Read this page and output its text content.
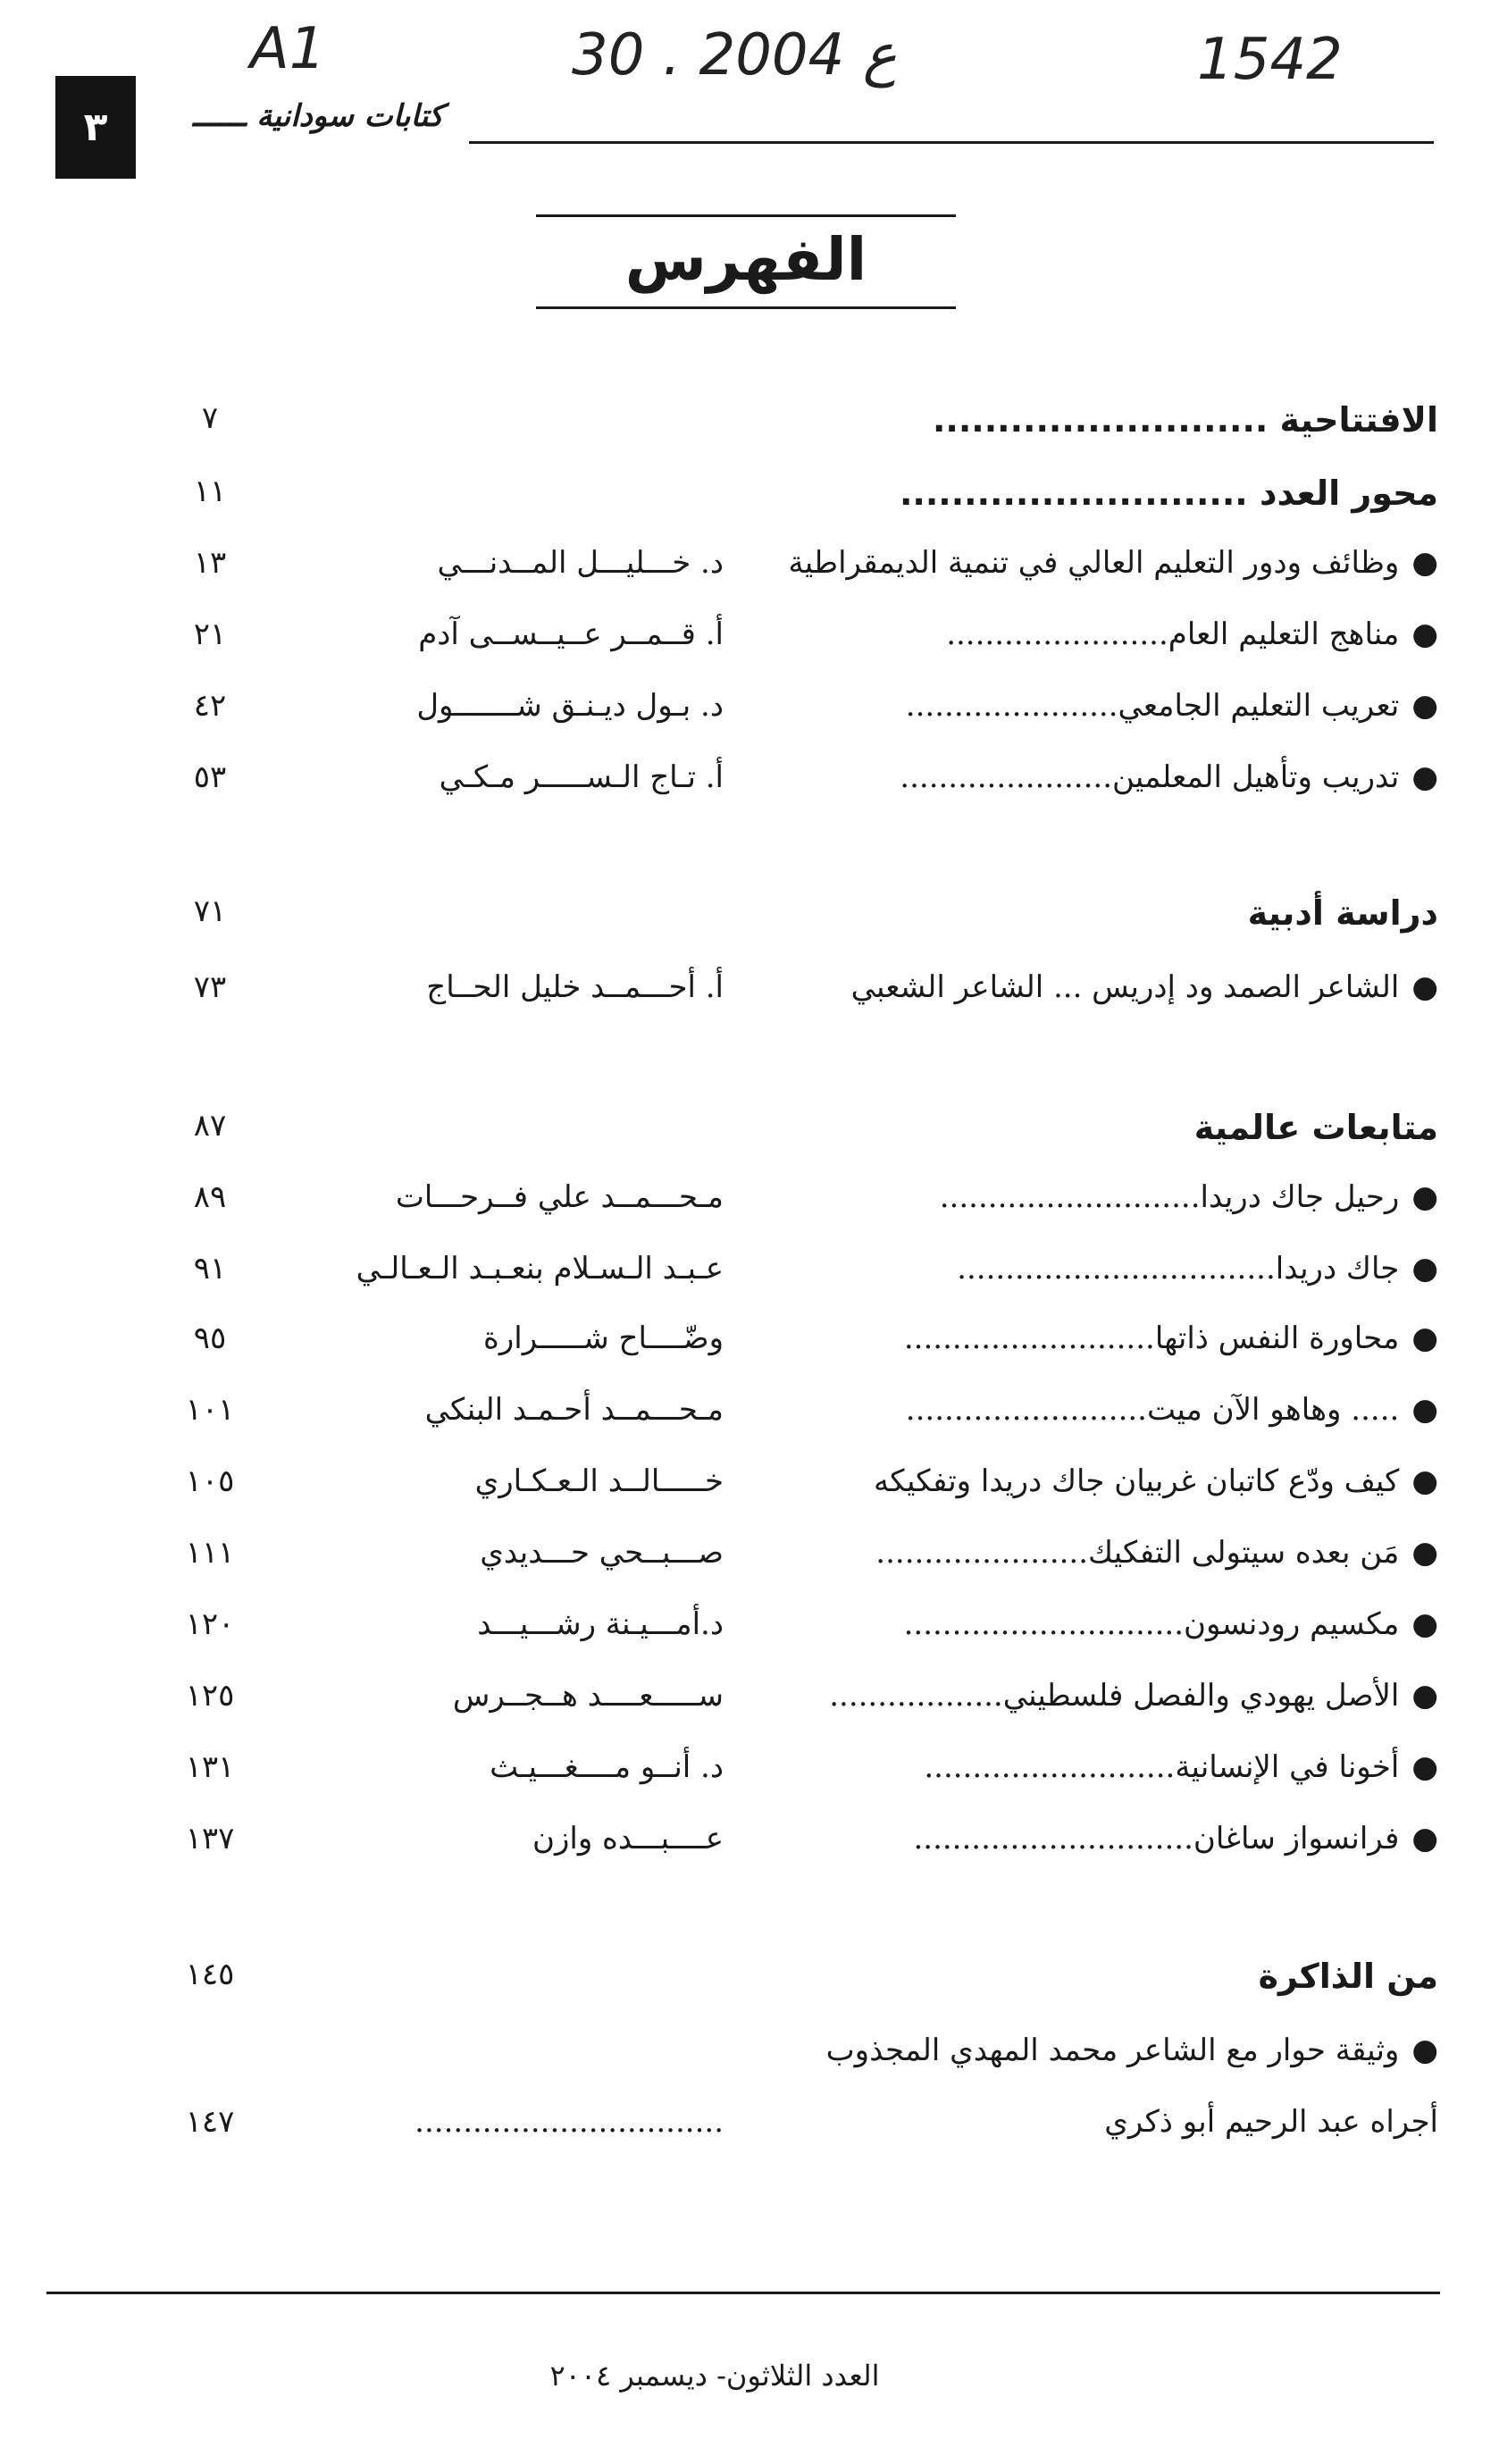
A1	30 . ع 2004	1542
٣	كتابات سودانية ــــــ
الفهرس
٧	الافتتاحية ..........................
١١	محور العدد ...........................
١٣	د. خـــليـــل المــدنـــي	●وظائف ودور التعليم العالي في تنمية الديمقراطية
٢١	أ. قــمــر عــيــســى آدم	●مناهج التعليم العام.......................
٤٢	د. بـول ديـنـق شـــــــول	●تعريب التعليم الجامعي......................
٥٣	أ. تـاج الـســـــر مـكـي	●تدريب وتأهيل المعلمين......................
٧١	دراسة أدبية
٧٣	أ. أحـــمــد خليل الحــاج	●الشاعر الصمد ود إدريس ... الشاعر الشعبي
٨٧	متابعات عالمية
٨٩	مـحـــمــد علي فــرحـــات	●رحيل جاك دريدا...........................
٩١	عـبـد الـسـلام بنعـبـد الـعـالـي	●جاك دريدا.................................
٩٥	وضّــــاح شـــــرارة	●محاورة النفس ذاتها..........................
١٠١	مـحـــمــد أحـمـد البنكي	●..... وهاهو الآن ميت.........................
١٠٥	خـــــالــد الـعـكـاري	●كيف ودّع كاتبان غربيان جاك دريدا وتفكيكه
١١١	صـــبــحي حـــديدي	●مَن بعده سيتولى التفكيك......................
١٢٠	د.أمـــيـنة رشـــيـــد	●مكسيم رودنسون.............................
١٢٥	ســـــعــــد هــجــرس	●الأصل يهودي والفصل فلسطيني..................
١٣١	د. أنــو مــــغـــيـث	●أخونا في الإنسانية..........................
١٣٧	عــــبـــده وازن	●فرانسواز ساغان.............................
١٤٥	من الذاكرة
●وثيقة حوار مع الشاعر محمد المهدي المجذوب
١٤٧	................................	أجراه عبد الرحيم أبو ذكري
العدد الثلاثون- ديسمبر ٢٠٠٤
